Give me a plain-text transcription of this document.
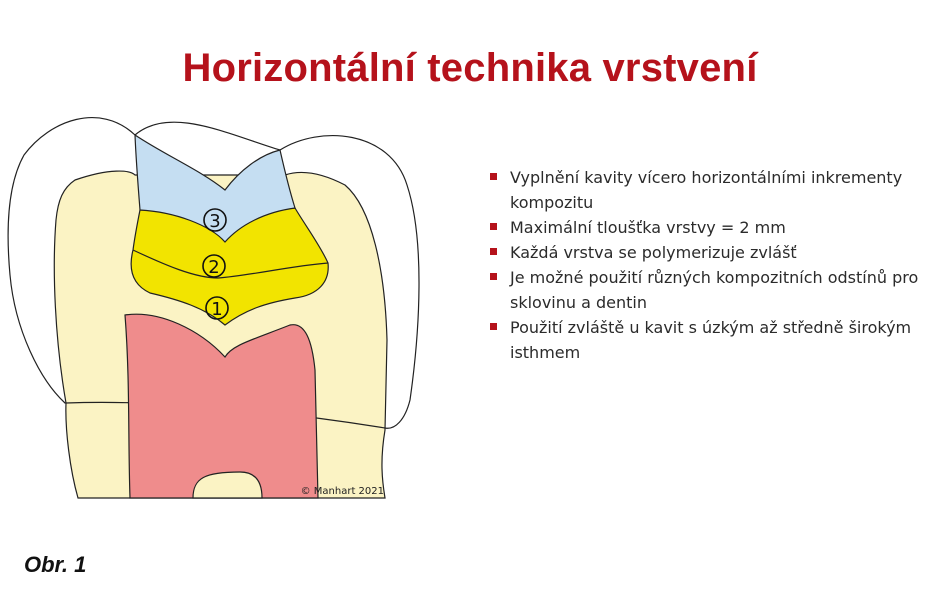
Horizontální technika vrstvení
3
2
1
© Manhart 2021
Vyplnění kavity vícero horizontálními inkrementy kompozitu
Maximální tloušťka vrstvy = 2 mm
Každá vrstva se polymerizuje zvlášť
Je možné použití různých kompozitních odstínů pro sklovinu a dentin
Použití zvláště u kavit s úzkým až středně širokým isthmem
Obr. 1
